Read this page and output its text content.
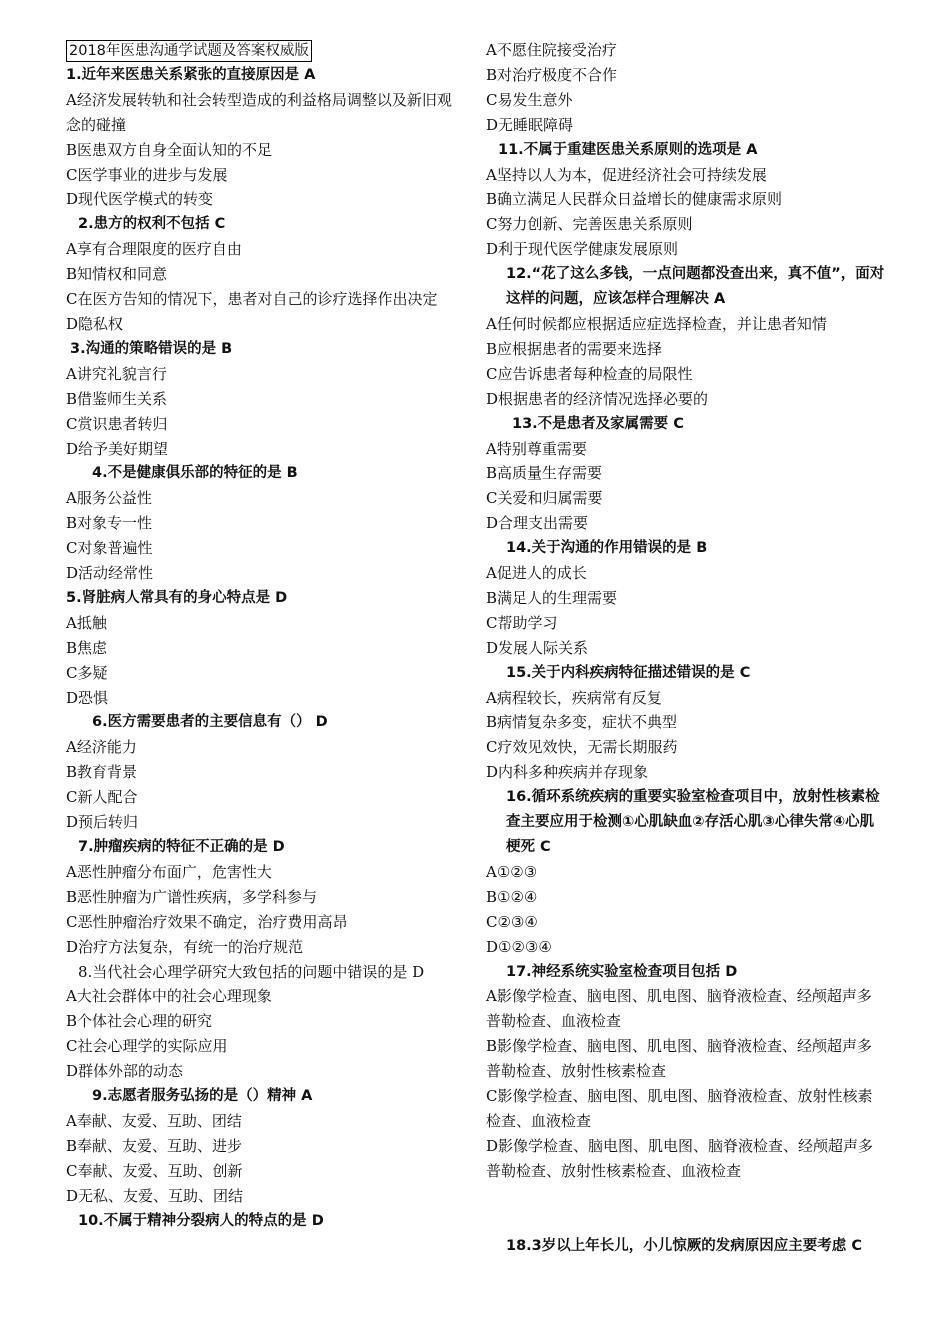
2018年医患沟通学试题及答案权威版
1.近年来医患关系紧张的直接原因是 A
A经济发展转轨和社会转型造成的利益格局调整以及新旧观念的碰撞
B医患双方自身全面认知的不足
C医学事业的进步与发展
D现代医学模式的转变
2.患方的权利不包括 C
A享有合理限度的医疗自由
B知情权和同意
C在医方告知的情况下，患者对自己的诊疗选择作出决定
D隐私权
3.沟通的策略错误的是 B
A讲究礼貌言行
B借鉴师生关系
C赏识患者转归
D给予美好期望
4.不是健康俱乐部的特征的是 B
A服务公益性
B对象专一性
C对象普遍性
D活动经常性
5.肾脏病人常具有的身心特点是 D
A抵触
B焦虑
C多疑
D恐惧
6.医方需要患者的主要信息有（） D
A经济能力
B教育背景
C新人配合
D预后转归
7.肿瘤疾病的特征不正确的是 D
A恶性肿瘤分布面广，危害性大
B恶性肿瘤为广谱性疾病，多学科参与
C恶性肿瘤治疗效果不确定，治疗费用高昂
D治疗方法复杂，有统一的治疗规范
8.当代社会心理学研究大致包括的问题中错误的是 D
A大社会群体中的社会心理现象
B个体社会心理的研究
C社会心理学的实际应用
D群体外部的动态
9.志愿者服务弘扬的是（）精神 A
A奉献、友爱、互助、团结
B奉献、友爱、互助、进步
C奉献、友爱、互助、创新
D无私、友爱、互助、团结
10.不属于精神分裂病人的特点的是 D
A不愿住院接受治疗
B对治疗极度不合作
C易发生意外
D无睡眠障碍
11.不属于重建医患关系原则的选项是 A
A坚持以人为本，促进经济社会可持续发展
B确立满足人民群众日益增长的健康需求原则
C努力创新、完善医患关系原则
D利于现代医学健康发展原则
12.“花了这么多钱，一点问题都没查出来，真不值”，面对这样的问题，应该怎样合理解决 A
A任何时候都应根据适应症选择检查，并让患者知情
B应根据患者的需要来选择
C应告诉患者每种检查的局限性
D根据患者的经济情况选择必要的
13.不是患者及家属需要 C
A特别尊重需要
B高质量生存需要
C关爱和归属需要
D合理支出需要
14.关于沟通的作用错误的是 B
A促进人的成长
B满足人的生理需要
C帮助学习
D发展人际关系
15.关于内科疾病特征描述错误的是 C
A病程较长，疾病常有反复
B病情复杂多变，症状不典型
C疗效见效快，无需长期服药
D内科多种疾病并存现象
16.循环系统疾病的重要实验室检查项目中，放射性核素检查主要应用于检测①心肌缺血②存活心肌③心律失常④心肌梗死 C
A①②③
B①②④
C②③④
D①②③④
17.神经系统实验室检查项目包括 D
A影像学检查、脑电图、肌电图、脑脊液检查、经颅超声多普勒检查、血液检查
B影像学检查、脑电图、肌电图、脑脊液检查、经颅超声多普勒检查、放射性核素检查
C影像学检查、脑电图、肌电图、脑脊液检查、放射性核素检查、血液检查
D影像学检查、脑电图、肌电图、脑脊液检查、经颅超声多普勒检查、放射性核素检查、血液检查
18.3岁以上年长儿，小儿惊厥的发病原因应主要考虑 C
